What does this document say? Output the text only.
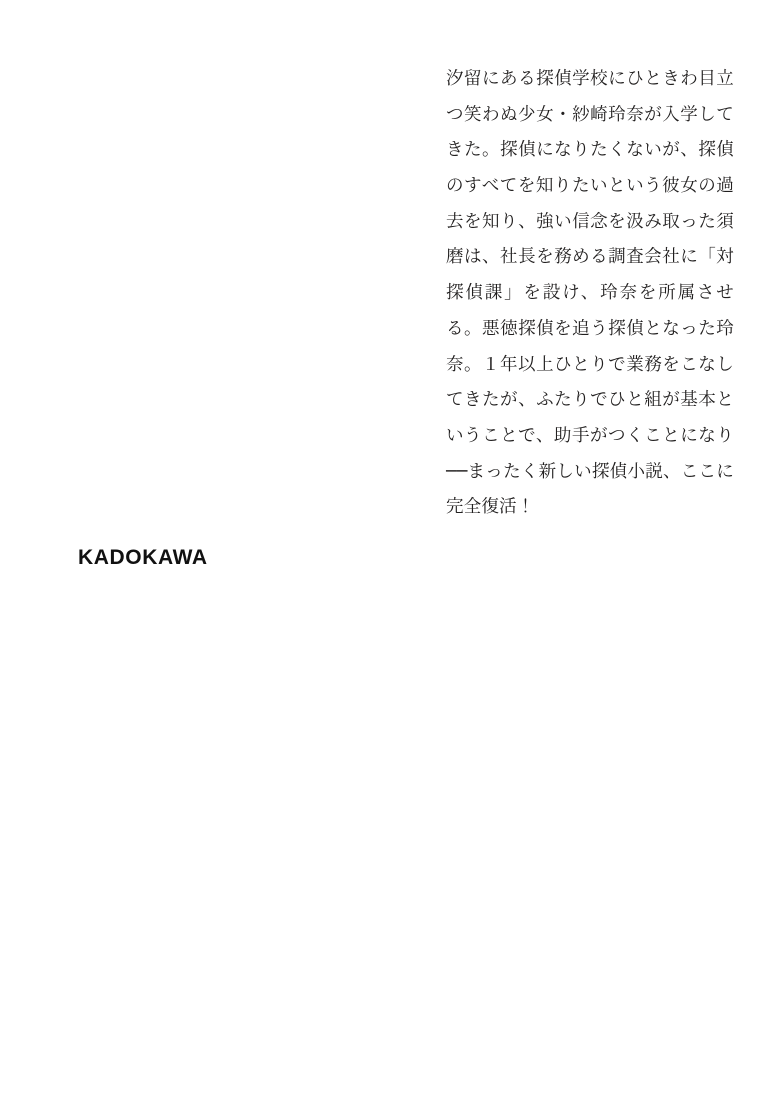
汐留にある探偵学校にひときわ目立つ笑わぬ少女・紗崎玲奈が入学してきた。探偵になりたくないが、探偵のすべてを知りたいという彼女の過去を知り、強い信念を汲み取った須磨は、社長を務める調査会社に「対探偵課」を設け、玲奈を所属させる。悪徳探偵を追う探偵となった玲奈。１年以上ひとりで業務をこなしてきたが、ふたりでひと組が基本ということで、助手がつくことになり──まったく新しい探偵小説、ここに完全復活！
KADOKAWA
